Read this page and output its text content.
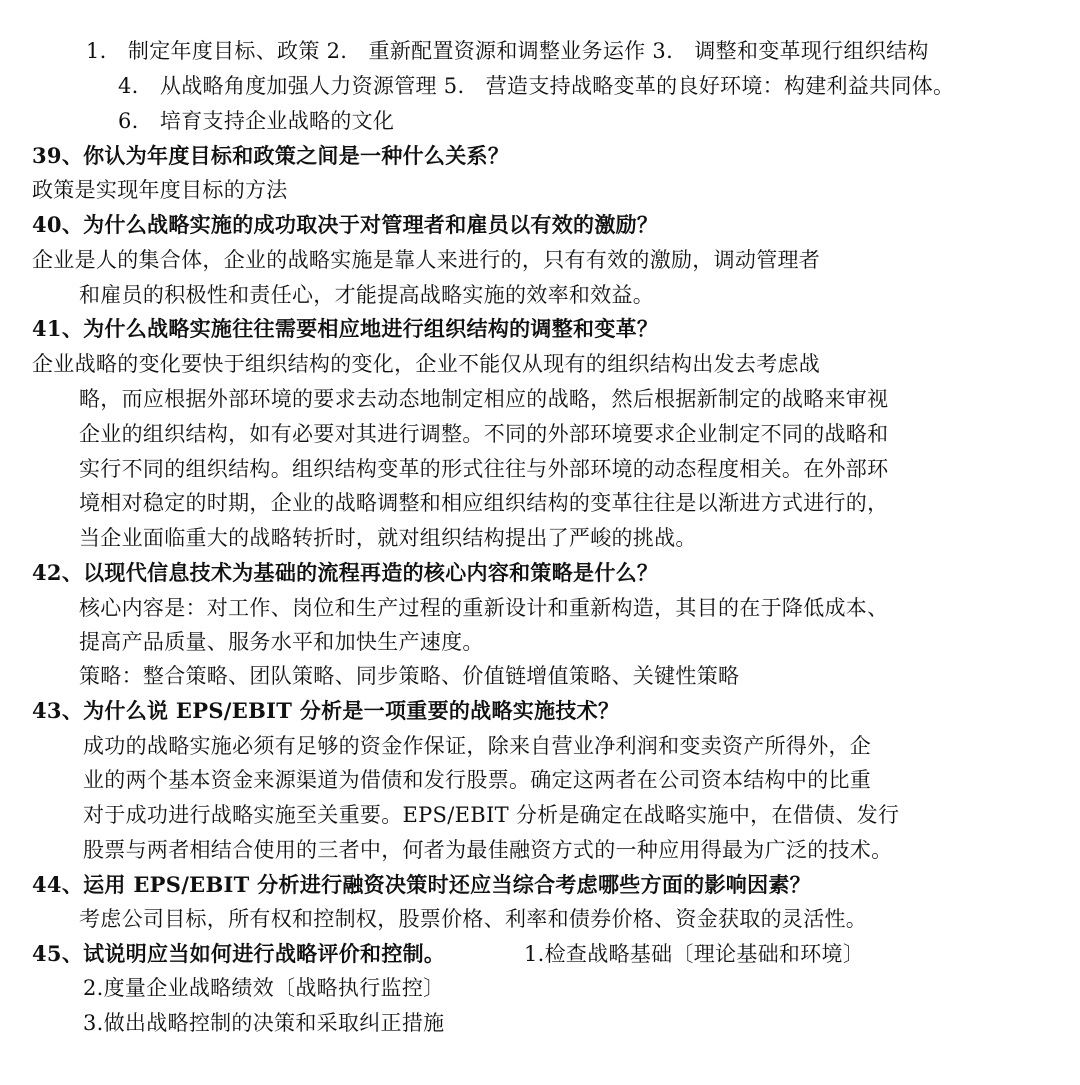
1.　制定年度目标、政策 2.　重新配置资源和调整业务运作 3.　调整和变革现行组织结构
4.　从战略角度加强人力资源管理 5.　营造支持战略变革的良好环境：构建利益共同体。
6.　培育支持企业战略的文化
39、你认为年度目标和政策之间是一种什么关系？
政策是实现年度目标的方法
40、为什么战略实施的成功取决于对管理者和雇员以有效的激励？
企业是人的集合体，企业的战略实施是靠人来进行的，只有有效的激励，调动管理者
和雇员的积极性和责任心，才能提高战略实施的效率和效益。
41、为什么战略实施往往需要相应地进行组织结构的调整和变革？
企业战略的变化要快于组织结构的变化，企业不能仅从现有的组织结构出发去考虑战
略，而应根据外部环境的要求去动态地制定相应的战略，然后根据新制定的战略来审视
企业的组织结构，如有必要对其进行调整。不同的外部环境要求企业制定不同的战略和
实行不同的组织结构。组织结构变革的形式往往与外部环境的动态程度相关。在外部环
境相对稳定的时期，企业的战略调整和相应组织结构的变革往往是以渐进方式进行的，
当企业面临重大的战略转折时，就对组织结构提出了严峻的挑战。
42、以现代信息技术为基础的流程再造的核心内容和策略是什么？
核心内容是：对工作、岗位和生产过程的重新设计和重新构造，其目的在于降低成本、
提高产品质量、服务水平和加快生产速度。
策略：整合策略、团队策略、同步策略、价值链增值策略、关键性策略
43、为什么说 EPS/EBIT 分析是一项重要的战略实施技术？
成功的战略实施必须有足够的资金作保证，除来自营业净利润和变卖资产所得外，企
业的两个基本资金来源渠道为借债和发行股票。确定这两者在公司资本结构中的比重
对于成功进行战略实施至关重要。EPS/EBIT 分析是确定在战略实施中，在借债、发行
股票与两者相结合使用的三者中，何者为最佳融资方式的一种应用得最为广泛的技术。
44、运用 EPS/EBIT 分析进行融资决策时还应当综合考虑哪些方面的影响因素？
考虑公司目标，所有权和控制权，股票价格、利率和债券价格、资金获取的灵活性。
45、试说明应当如何进行战略评价和控制。	1.检查战略基础〔理论基础和环境〕
2.度量企业战略绩效〔战略执行监控〕
3.做出战略控制的决策和采取纠正措施
